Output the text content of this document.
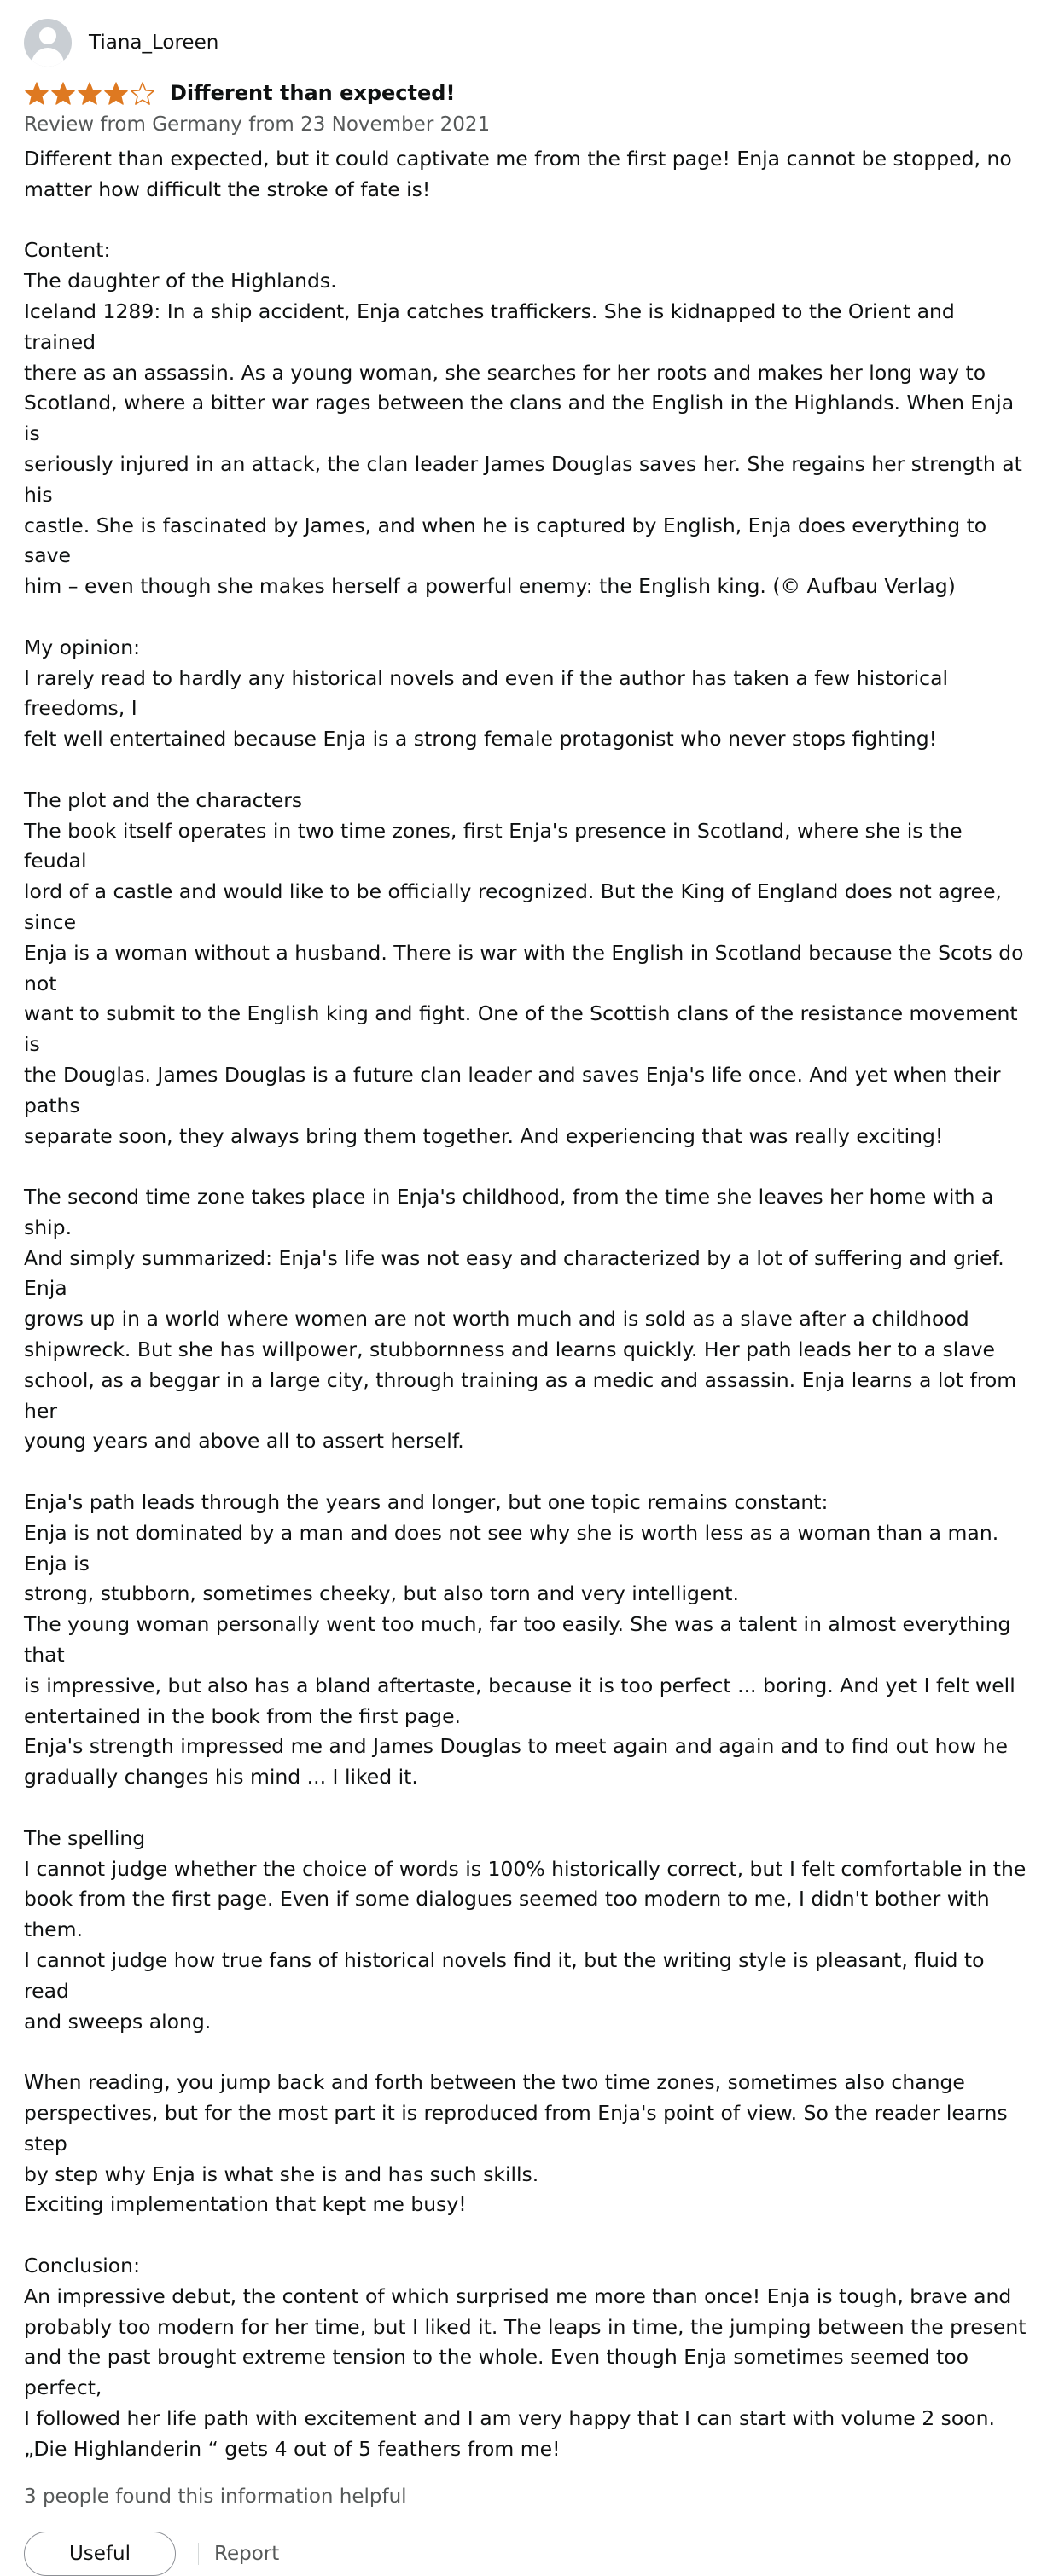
Tiana_Loreen
Different than expected!
Review from Germany from 23 November 2021
Different than expected, but it could captivate me from the first page! Enja cannot be stopped, no
matter how difficult the stroke of fate is!

Content:
The daughter of the Highlands.
Iceland 1289: In a ship accident, Enja catches traffickers. She is kidnapped to the Orient and trained
there as an assassin. As a young woman, she searches for her roots and makes her long way to
Scotland, where a bitter war rages between the clans and the English in the Highlands. When Enja is
seriously injured in an attack, the clan leader James Douglas saves her. She regains her strength at his
castle. She is fascinated by James, and when he is captured by English, Enja does everything to save
him – even though she makes herself a powerful enemy: the English king. (© Aufbau Verlag)

My opinion:
I rarely read to hardly any historical novels and even if the author has taken a few historical freedoms, I
felt well entertained because Enja is a strong female protagonist who never stops fighting!

The plot and the characters
The book itself operates in two time zones, first Enja's presence in Scotland, where she is the feudal
lord of a castle and would like to be officially recognized. But the King of England does not agree, since
Enja is a woman without a husband. There is war with the English in Scotland because the Scots do not
want to submit to the English king and fight. One of the Scottish clans of the resistance movement is
the Douglas. James Douglas is a future clan leader and saves Enja's life once. And yet when their paths
separate soon, they always bring them together. And experiencing that was really exciting!

The second time zone takes place in Enja's childhood, from the time she leaves her home with a ship.
And simply summarized: Enja's life was not easy and characterized by a lot of suffering and grief. Enja
grows up in a world where women are not worth much and is sold as a slave after a childhood
shipwreck. But she has willpower, stubbornness and learns quickly. Her path leads her to a slave
school, as a beggar in a large city, through training as a medic and assassin. Enja learns a lot from her
young years and above all to assert herself.

Enja's path leads through the years and longer, but one topic remains constant:
Enja is not dominated by a man and does not see why she is worth less as a woman than a man. Enja is
strong, stubborn, sometimes cheeky, but also torn and very intelligent.
The young woman personally went too much, far too easily. She was a talent in almost everything that
is impressive, but also has a bland aftertaste, because it is too perfect ... boring. And yet I felt well
entertained in the book from the first page.
Enja's strength impressed me and James Douglas to meet again and again and to find out how he
gradually changes his mind ... I liked it.

The spelling
I cannot judge whether the choice of words is 100% historically correct, but I felt comfortable in the
book from the first page. Even if some dialogues seemed too modern to me, I didn't bother with them.
I cannot judge how true fans of historical novels find it, but the writing style is pleasant, fluid to read
and sweeps along.

When reading, you jump back and forth between the two time zones, sometimes also change
perspectives, but for the most part it is reproduced from Enja's point of view. So the reader learns step
by step why Enja is what she is and has such skills.
Exciting implementation that kept me busy!

Conclusion:
An impressive debut, the content of which surprised me more than once! Enja is tough, brave and
probably too modern for her time, but I liked it. The leaps in time, the jumping between the present
and the past brought extreme tension to the whole. Even though Enja sometimes seemed too perfect,
I followed her life path with excitement and I am very happy that I can start with volume 2 soon.
„Die Highlanderin “ gets 4 out of 5 feathers from me!
3 people found this information helpful
Useful	Report
